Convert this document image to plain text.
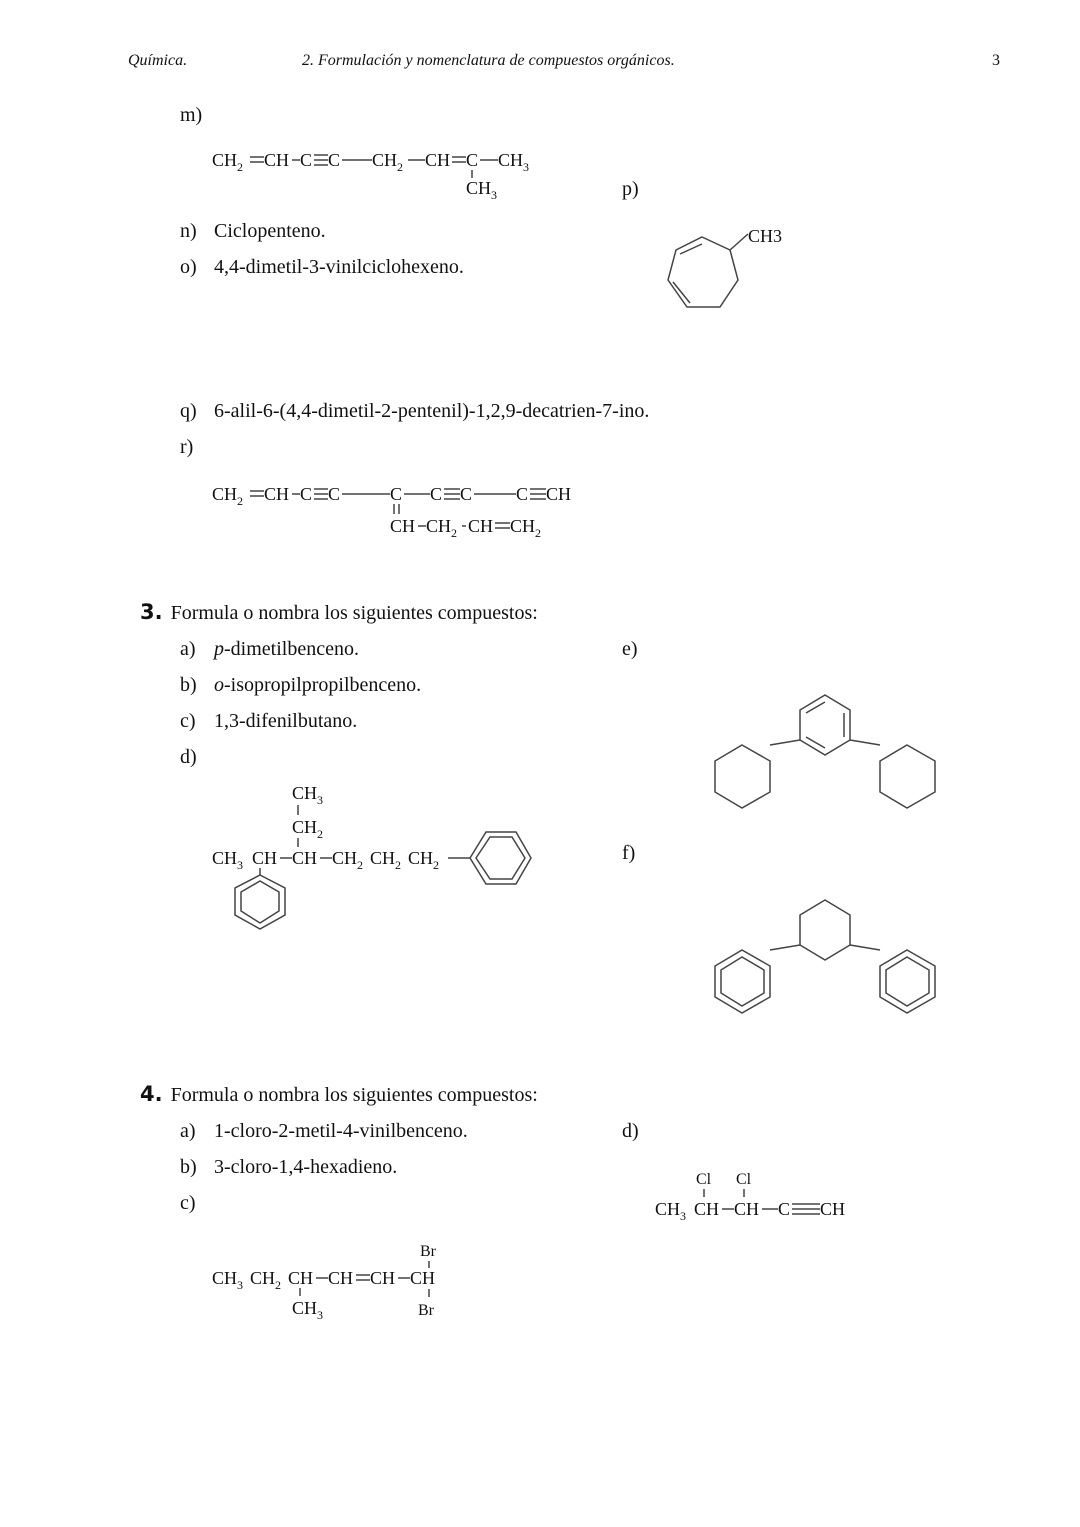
Química.	2. Formulación y nomenclatura de compuestos orgánicos.	3
m)
$CH_2$ CH C C $CH_2$ CH C $CH_3$
$CH_3$	p)
n) Ciclopenteno.
o) 4,4-dimetil-3-vinilciclohexeno.
CH3
q) 6-alil-6-(4,4-dimetil-2-pentenil)-1,2,9-decatrien-7-ino.
r)
$CH_2$ CH C C	C C C C CH
CH $CH_2$ CH $CH_2$
3. Formula o nombra los siguientes compuestos:
a) p-dimetilbenceno.
b) o-isopropilpropilbenceno.
c) 1,3-difenilbutano.
d)
e)
f)
$CH_3$
$CH_2$
$CH_3$ CH CH $CH_2$ $CH_2$ $CH_2$
4. Formula o nombra los siguientes compuestos:
a) 1-cloro-2-metil-4-vinilbenceno.
b) 3-cloro-1,4-hexadieno.
c)
d)
Cl Cl
$CH_3$ CH CH C CH
Br
$CH_3$ $CH_2$ CH CH CH CH
$CH_3$	Br
